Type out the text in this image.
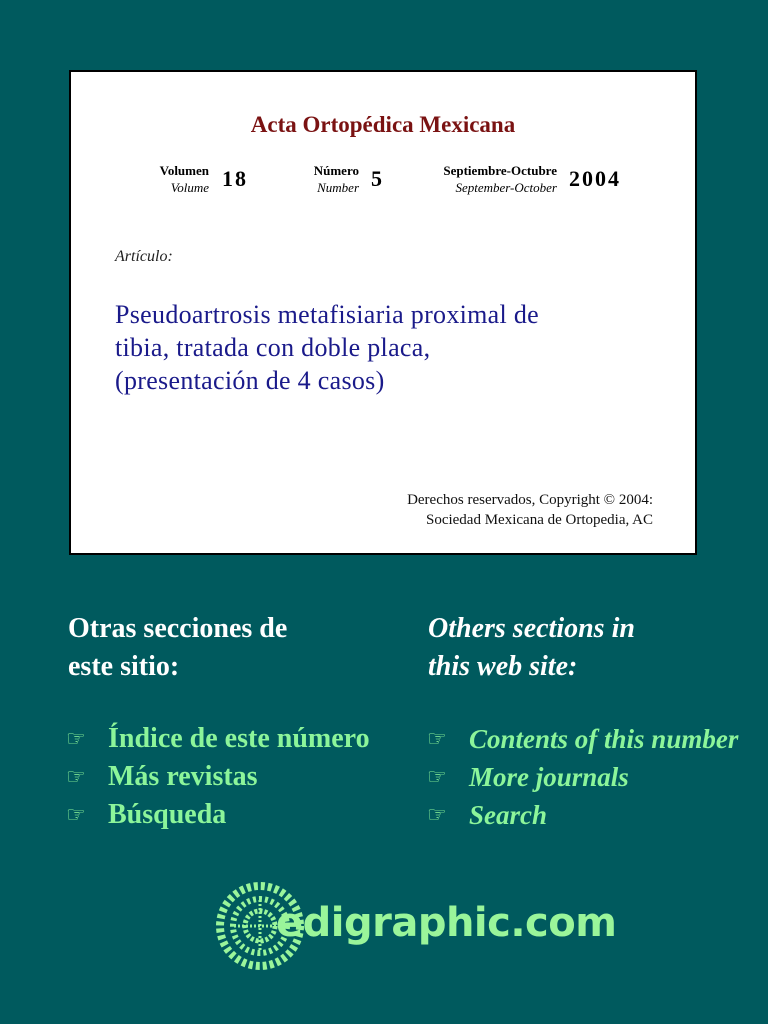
Acta Ortopédica Mexicana
Volumen
Volume 18	Número
Number 5	Septiembre-Octubre
September-October 2004
Artículo:
Pseudoartrosis metafisiaria proximal de
tibia, tratada con doble placa,
(presentación de 4 casos)
Derechos reservados, Copyright © 2004:
Sociedad Mexicana de Ortopedia, AC
Otras secciones de
este sitio:
Others sections in
this web site:
☞ Índice de este número
☞ Más revistas
☞ Búsqueda
☞ Contents of this number
☞ More journals
☞ Search
edigraphic.com
